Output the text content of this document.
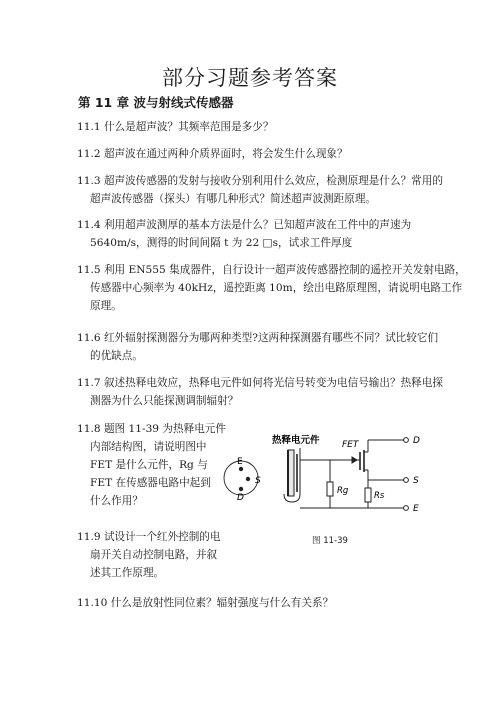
部分习题参考答案
第 11 章 波与射线式传感器
11.1 什么是超声波？其频率范围是多少？
11.2 超声波在通过两种介质界面时，将会发生什么现象？
11.3 超声波传感器的发射与接收分别利用什么效应，检测原理是什么？常用的
超声波传感器（探头）有哪几种形式？简述超声波测距原理。
11.4 利用超声波测厚的基本方法是什么？已知超声波在工件中的声速为
5640m/s，测得的时间间隔 t 为 22 □s，试求工件厚度
11.5 利用 EN555 集成器件，自行设计一超声波传感器控制的遥控开关发射电路，
传感器中心频率为 40kHz，遥控距离 10m，绘出电路原理图，请说明电路工作
原理。
11.6 红外辐射探测器分为哪两种类型?这两种探测器有哪些不同？试比较它们
的优缺点。
11.7 叙述热释电效应，热释电元件如何将光信号转变为电信号输出？热释电探
测器为什么只能探测调制辐射？
11.8 题图 11-39 为热释电元件
内部结构图，请说明图中
FET 是什么元件，Rg 与
FET 在传感器电路中起到
什么作用？
11.9 试设计一个红外控制的电
扇开关自动控制电路，并叙
述其工作原理。
11.10 什么是放射性同位素？辐射强度与什么有关系？
E
S
D
热释电元件 FET
Rg	Rs
D
S
E
图 11-39
